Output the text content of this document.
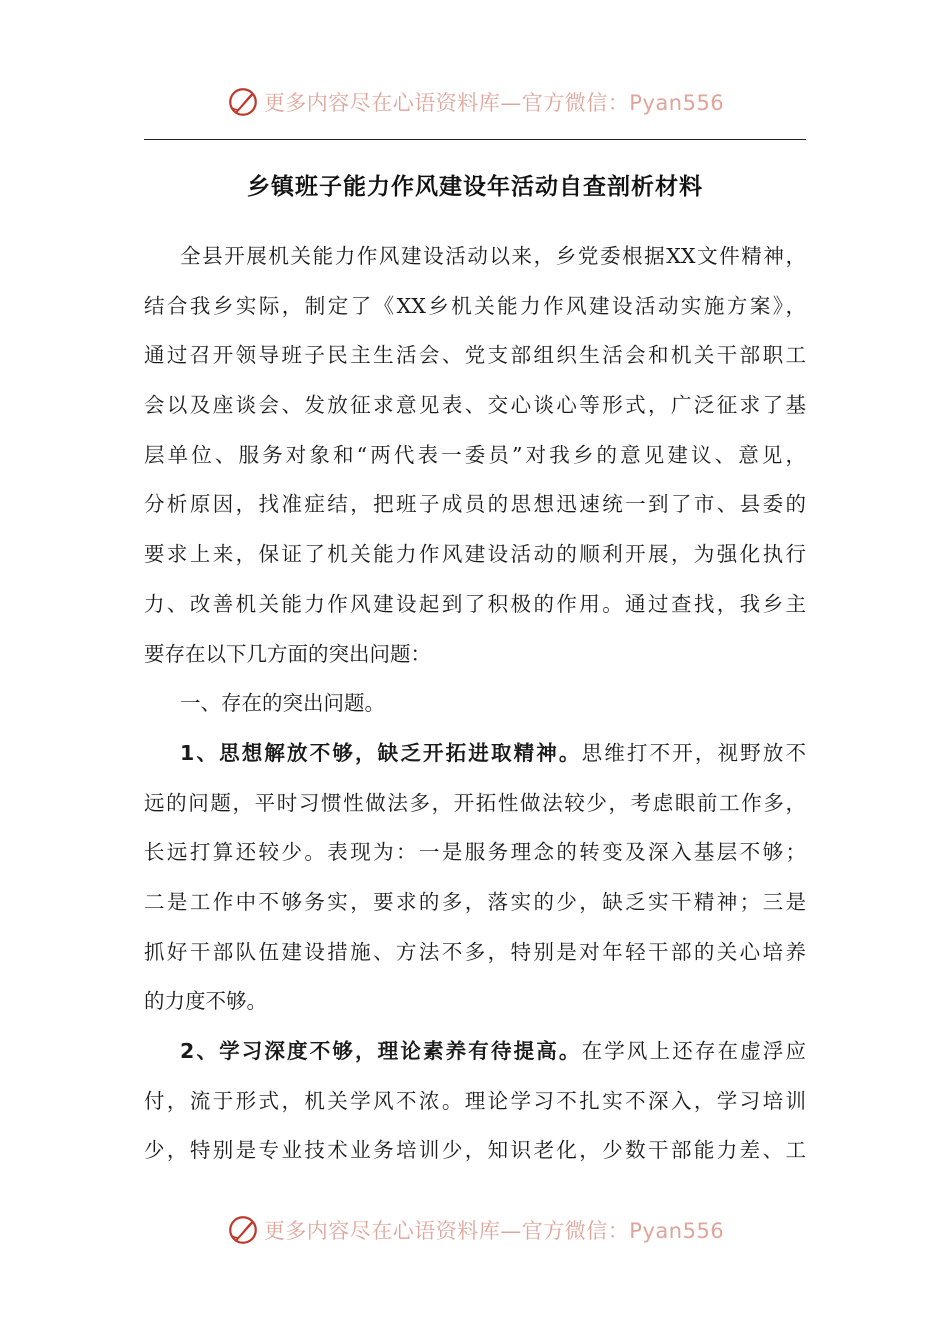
更多内容尽在心语资料库—官方微信：Pyan556
乡镇班子能力作风建设年活动自查剖析材料
全县开展机关能力作风建设活动以来，乡党委根据XX文件精神，
结合我乡实际，制定了《XX乡机关能力作风建设活动实施方案》，
通过召开领导班子民主生活会、党支部组织生活会和机关干部职工
会以及座谈会、发放征求意见表、交心谈心等形式，广泛征求了基
层单位、服务对象和“两代表一委员”对我乡的意见建议、意见，
分析原因，找准症结，把班子成员的思想迅速统一到了市、县委的
要求上来，保证了机关能力作风建设活动的顺利开展，为强化执行
力、改善机关能力作风建设起到了积极的作用。通过查找，我乡主
要存在以下几方面的突出问题：
一、存在的突出问题。
1、思想解放不够，缺乏开拓进取精神。思维打不开，视野放不
远的问题，平时习惯性做法多，开拓性做法较少，考虑眼前工作多，
长远打算还较少。表现为：一是服务理念的转变及深入基层不够；
二是工作中不够务实，要求的多，落实的少，缺乏实干精神；三是
抓好干部队伍建设措施、方法不多，特别是对年轻干部的关心培养
的力度不够。
2、学习深度不够，理论素养有待提高。在学风上还存在虚浮应
付，流于形式，机关学风不浓。理论学习不扎实不深入，学习培训
少，特别是专业技术业务培训少，知识老化，少数干部能力差、工
更多内容尽在心语资料库—官方微信：Pyan556
